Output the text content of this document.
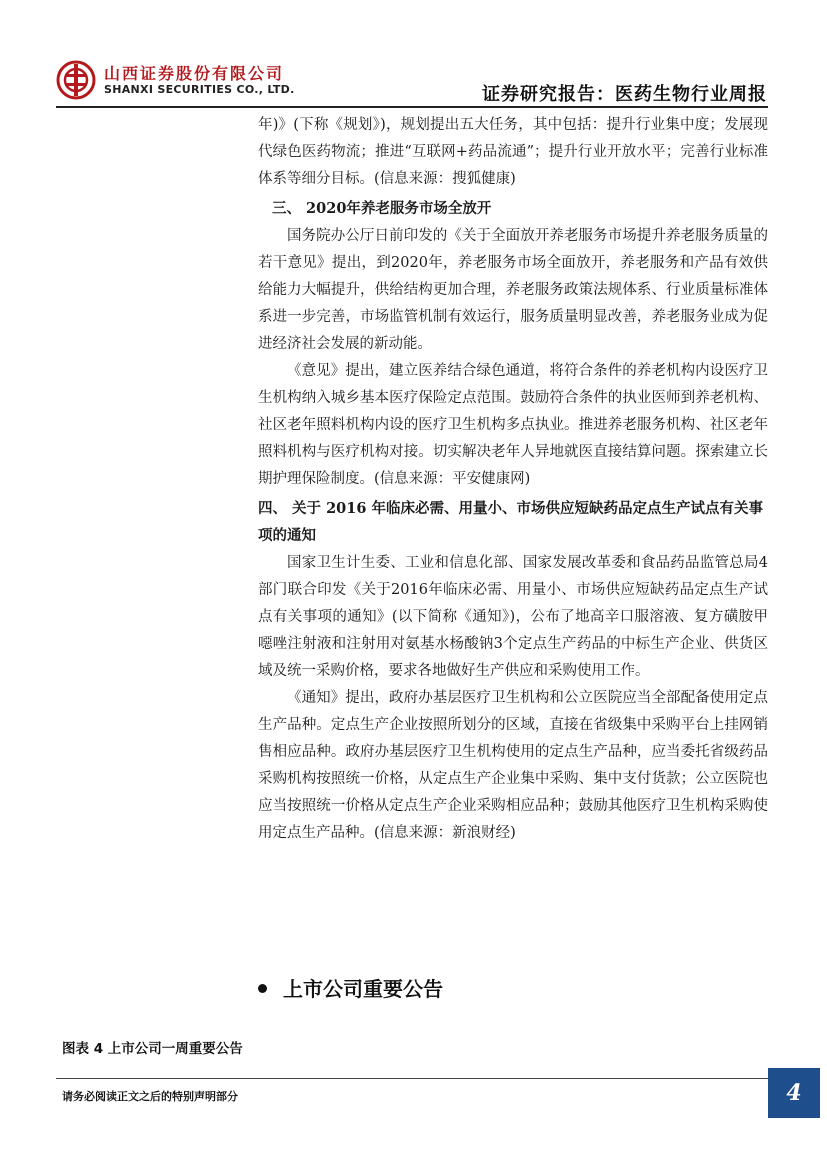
山西证券股份有限公司
SHANXI SECURITIES CO., LTD.	证券研究报告：医药生物行业周报

年)》(下称《规划》)，规划提出五大任务，其中包括：提升行业集中度；发展现代绿色医药物流；推进“互联网+药品流通”；提升行业开放水平；完善行业标准体系等细分目标。(信息来源：搜狐健康)

三、 2020年养老服务市场全放开

国务院办公厅日前印发的《关于全面放开养老服务市场提升养老服务质量的若干意见》提出，到2020年，养老服务市场全面放开，养老服务和产品有效供给能力大幅提升，供给结构更加合理，养老服务政策法规体系、行业质量标准体系进一步完善，市场监管机制有效运行，服务质量明显改善，养老服务业成为促进经济社会发展的新动能。

《意见》提出，建立医养结合绿色通道，将符合条件的养老机构内设医疗卫生机构纳入城乡基本医疗保险定点范围。鼓励符合条件的执业医师到养老机构、社区老年照料机构内设的医疗卫生机构多点执业。推进养老服务机构、社区老年照料机构与医疗机构对接。切实解决老年人异地就医直接结算问题。探索建立长期护理保险制度。(信息来源：平安健康网)

四、 关于 2016 年临床必需、用量小、市场供应短缺药品定点生产试点有关事项的通知

国家卫生计生委、工业和信息化部、国家发展改革委和食品药品监管总局4部门联合印发《关于2016年临床必需、用量小、市场供应短缺药品定点生产试点有关事项的通知》(以下简称《通知》)，公布了地高辛口服溶液、复方磺胺甲噁唑注射液和注射用对氨基水杨酸钠3个定点生产药品的中标生产企业、供货区域及统一采购价格，要求各地做好生产供应和采购使用工作。

《通知》提出，政府办基层医疗卫生机构和公立医院应当全部配备使用定点生产品种。定点生产企业按照所划分的区域，直接在省级集中采购平台上挂网销售相应品种。政府办基层医疗卫生机构使用的定点生产品种，应当委托省级药品采购机构按照统一价格，从定点生产企业集中采购、集中支付货款；公立医院也应当按照统一价格从定点生产企业采购相应品种；鼓励其他医疗卫生机构采购使用定点生产品种。(信息来源：新浪财经)

上市公司重要公告
图表 4 上市公司一周重要公告
请务必阅读正文之后的特别声明部分	4
